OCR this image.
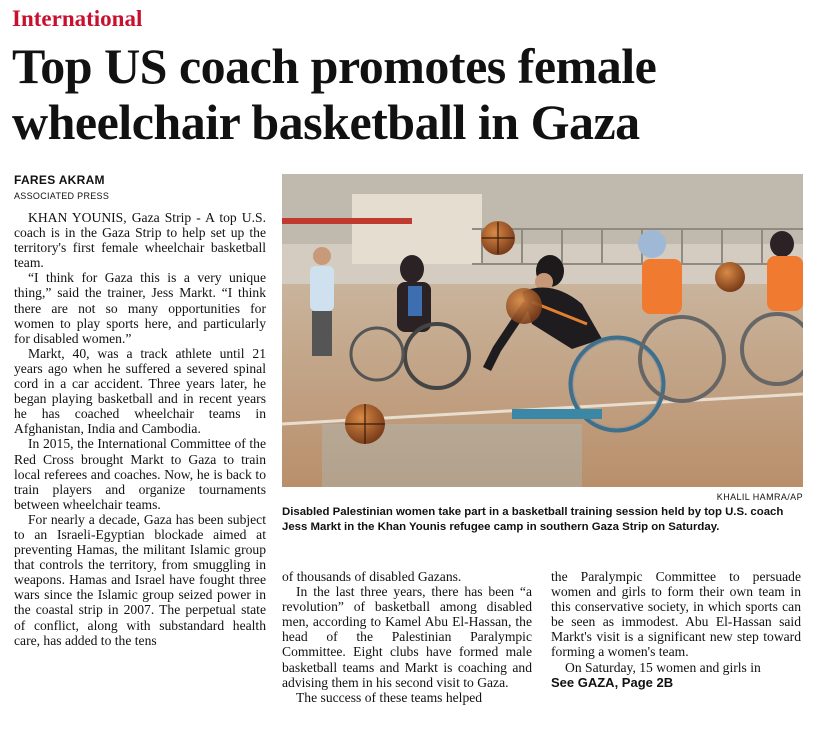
International
Top US coach promotes female
wheelchair basketball in Gaza
FARES AKRAM
ASSOCIATED PRESS

KHAN YOUNIS, Gaza Strip - A top U.S. coach is in the Gaza Strip to help set up the territory's first female wheelchair basketball team.

“I think for Gaza this is a very unique thing,” said the trainer, Jess Markt. “I think there are not so many opportunities for women to play sports here, and particularly for disabled women.”

Markt, 40, was a track athlete until 21 years ago when he suffered a severed spinal cord in a car accident. Three years later, he began playing basketball and in recent years he has coached wheelchair teams in Afghanistan, India and Cambodia.

In 2015, the International Committee of the Red Cross brought Markt to Gaza to train local referees and coaches. Now, he is back to train players and organize tournaments between wheelchair teams.

For nearly a decade, Gaza has been subject to an Israeli-Egyptian blockade aimed at preventing Hamas, the militant Islamic group that controls the territory, from smuggling in weapons. Hamas and Israel have fought three wars since the Islamic group seized power in the coastal strip in 2007. The perpetual state of conflict, along with substandard health care, has added to the tens

KHALIL HAMRA/AP
Disabled Palestinian women take part in a basketball training session held by top U.S. coach Jess Markt in the Khan Younis refugee camp in southern Gaza Strip on Saturday.

of thousands of disabled Gazans.

In the last three years, there has been “a revolution” of basketball among disabled men, according to Kamel Abu El-Hassan, the head of the Palestinian Paralympic Committee. Eight clubs have formed male basketball teams and Markt is coaching and advising them in his second visit to Gaza.

The success of these teams helped

the Paralympic Committee to persuade women and girls to form their own team in this conservative society, in which sports can be seen as immodest. Abu El-Hassan said Markt's visit is a significant new step toward forming a women's team.

On Saturday, 15 women and girls in

See GAZA, Page 2B
